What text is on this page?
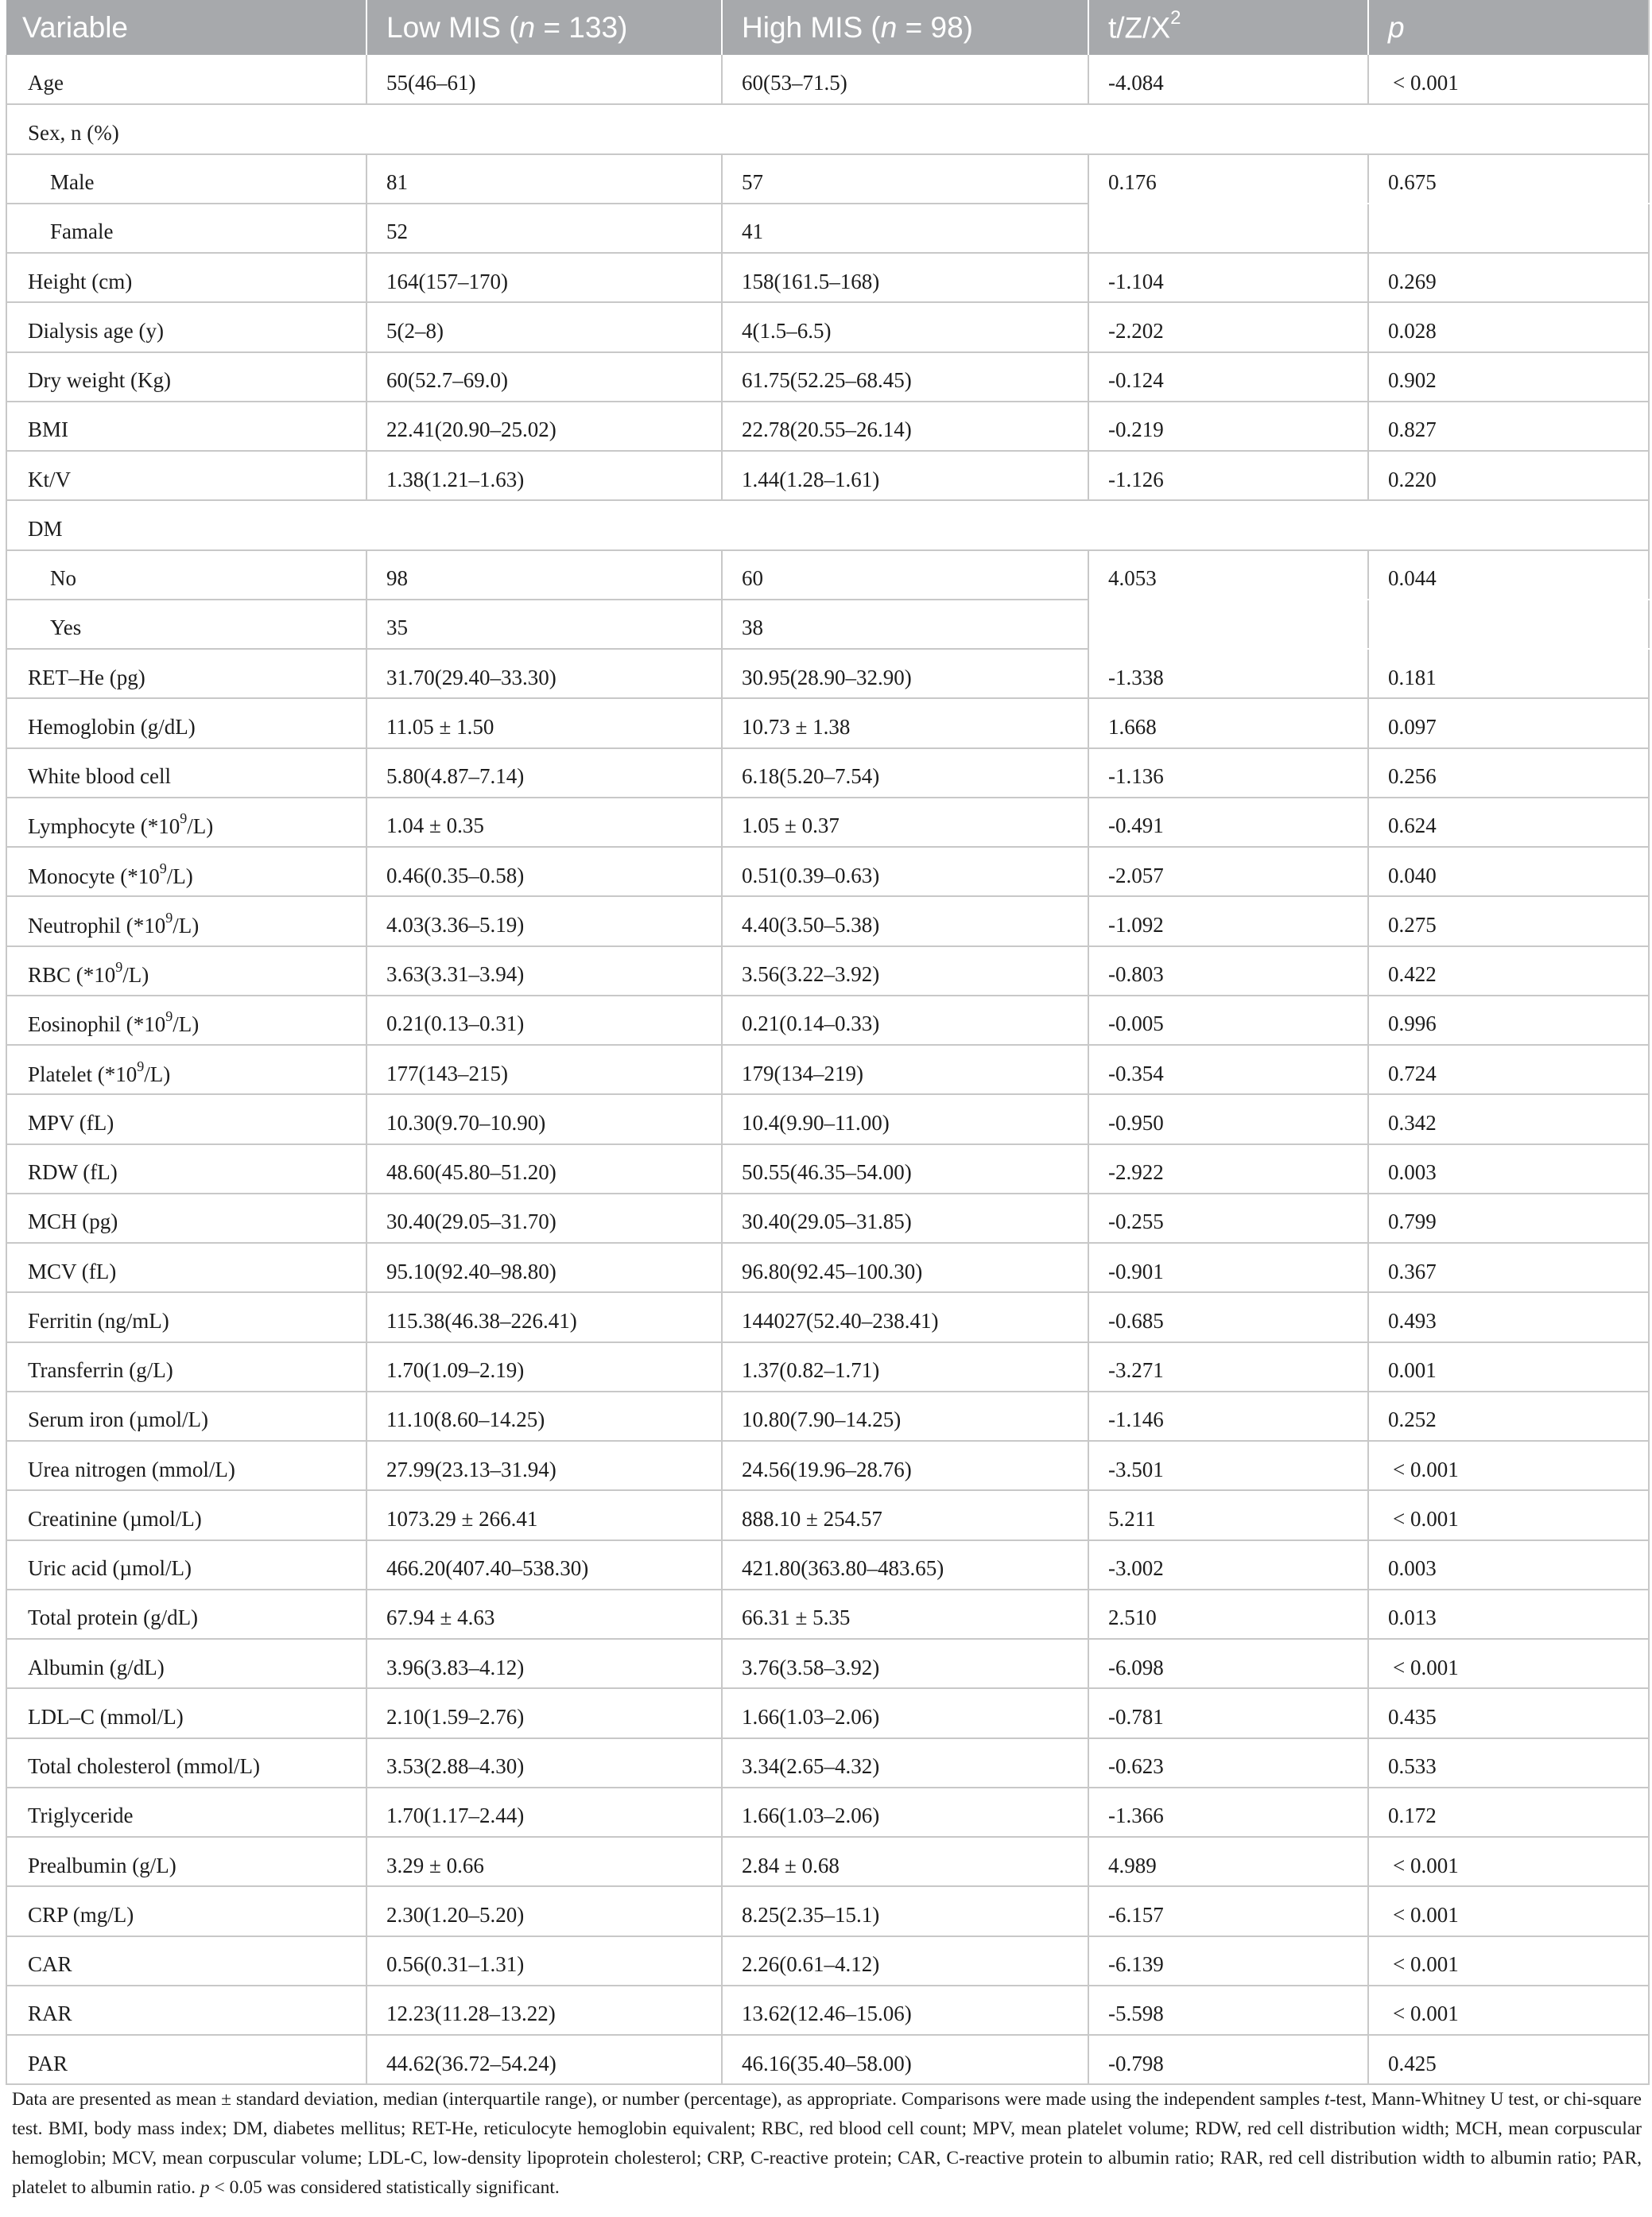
Variable	Low MIS (n = 133)	High MIS (n = 98)	$t/Z/X^2$	p
Age	55(46–61)	60(53–71.5)	-4.084	< 0.001
Sex, n (%)				
Male	81	57	0.176	0.675
Famale	52	41		
Height (cm)	164(157–170)	158(161.5–168)	-1.104	0.269
Dialysis age (y)	5(2–8)	4(1.5–6.5)	-2.202	0.028
Dry weight (Kg)	60(52.7–69.0)	61.75(52.25–68.45)	-0.124	0.902
BMI	22.41(20.90–25.02)	22.78(20.55–26.14)	-0.219	0.827
Kt/V	1.38(1.21–1.63)	1.44(1.28–1.61)	-1.126	0.220
DM				
No	98	60	4.053	0.044
Yes	35	38		
RET–He (pg)	31.70(29.40–33.30)	30.95(28.90–32.90)	-1.338	0.181
Hemoglobin (g/dL)	11.05 ± 1.50	10.73 ± 1.38	1.668	0.097
White blood cell	5.80(4.87–7.14)	6.18(5.20–7.54)	-1.136	0.256
Lymphocyte $(*10^9/L)$	1.04 ± 0.35	1.05 ± 0.37	-0.491	0.624
Monocyte $(*10^9/L)$	0.46(0.35–0.58)	0.51(0.39–0.63)	-2.057	0.040
Neutrophil $(*10^9/L)$	4.03(3.36–5.19)	4.40(3.50–5.38)	-1.092	0.275
RBC $(*10^9/L)$	3.63(3.31–3.94)	3.56(3.22–3.92)	-0.803	0.422
Eosinophil $(*10^9/L)$	0.21(0.13–0.31)	0.21(0.14–0.33)	-0.005	0.996
Platelet $(*10^9/L)$	177(143–215)	179(134–219)	-0.354	0.724
MPV (fL)	10.30(9.70–10.90)	10.4(9.90–11.00)	-0.950	0.342
RDW (fL)	48.60(45.80–51.20)	50.55(46.35–54.00)	-2.922	0.003
MCH (pg)	30.40(29.05–31.70)	30.40(29.05–31.85)	-0.255	0.799
MCV (fL)	95.10(92.40–98.80)	96.80(92.45–100.30)	-0.901	0.367
Ferritin (ng/mL)	115.38(46.38–226.41)	144027(52.40–238.41)	-0.685	0.493
Transferrin (g/L)	1.70(1.09–2.19)	1.37(0.82–1.71)	-3.271	0.001
Serum iron (µmol/L)	11.10(8.60–14.25)	10.80(7.90–14.25)	-1.146	0.252
Urea nitrogen (mmol/L)	27.99(23.13–31.94)	24.56(19.96–28.76)	-3.501	< 0.001
Creatinine (µmol/L)	1073.29 ± 266.41	888.10 ± 254.57	5.211	< 0.001
Uric acid (µmol/L)	466.20(407.40–538.30)	421.80(363.80–483.65)	-3.002	0.003
Total protein (g/dL)	67.94 ± 4.63	66.31 ± 5.35	2.510	0.013
Albumin (g/dL)	3.96(3.83–4.12)	3.76(3.58–3.92)	-6.098	< 0.001
LDL–C (mmol/L)	2.10(1.59–2.76)	1.66(1.03–2.06)	-0.781	0.435
Total cholesterol (mmol/L)	3.53(2.88–4.30)	3.34(2.65–4.32)	-0.623	0.533
Triglyceride	1.70(1.17–2.44)	1.66(1.03–2.06)	-1.366	0.172
Prealbumin (g/L)	3.29 ± 0.66	2.84 ± 0.68	4.989	< 0.001
CRP (mg/L)	2.30(1.20–5.20)	8.25(2.35–15.1)	-6.157	< 0.001
CAR	0.56(0.31–1.31)	2.26(0.61–4.12)	-6.139	< 0.001
RAR	12.23(11.28–13.22)	13.62(12.46–15.06)	-5.598	< 0.001
PAR	44.62(36.72–54.24)	46.16(35.40–58.00)	-0.798	0.425
Data are presented as mean ± standard deviation, median (interquartile range), or number (percentage), as appropriate. Comparisons were made using the independent samples t-test, Mann-Whitney U test, or chi-square test. BMI, body mass index; DM, diabetes mellitus; RET-He, reticulocyte hemoglobin equivalent; RBC, red blood cell count; MPV, mean platelet volume; RDW, red cell distribution width; MCH, mean corpuscular hemoglobin; MCV, mean corpuscular volume; LDL-C, low-density lipoprotein cholesterol; CRP, C-reactive protein; CAR, C-reactive protein to albumin ratio; RAR, red cell distribution width to albumin ratio; PAR, platelet to albumin ratio. p < 0.05 was considered statistically significant.
